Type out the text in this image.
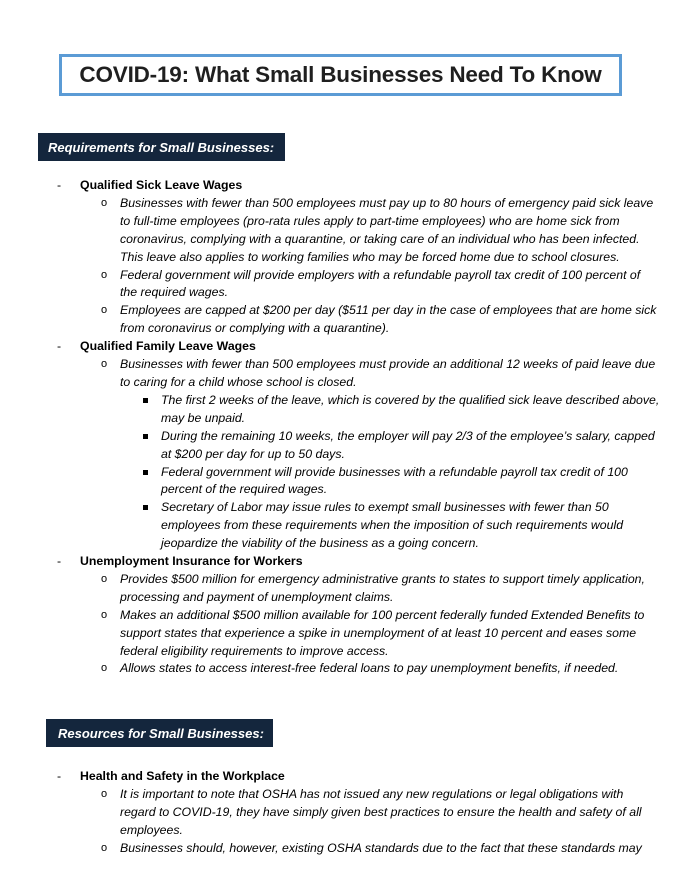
COVID-19: What Small Businesses Need To Know
Requirements for Small Businesses:
- Qualified Sick Leave Wages
o Businesses with fewer than 500 employees must pay up to 80 hours of emergency paid sick leave to full-time employees (pro-rata rules apply to part-time employees) who are home sick from coronavirus, complying with a quarantine, or taking care of an individual who has been infected. This leave also applies to working families who may be forced home due to school closures.
o Federal government will provide employers with a refundable payroll tax credit of 100 percent of the required wages.
o Employees are capped at $200 per day ($511 per day in the case of employees that are home sick from coronavirus or complying with a quarantine).
- Qualified Family Leave Wages
o Businesses with fewer than 500 employees must provide an additional 12 weeks of paid leave due to caring for a child whose school is closed.
The first 2 weeks of the leave, which is covered by the qualified sick leave described above, may be unpaid.
During the remaining 10 weeks, the employer will pay 2/3 of the employee’s salary, capped at $200 per day for up to 50 days.
Federal government will provide businesses with a refundable payroll tax credit of 100 percent of the required wages.
Secretary of Labor may issue rules to exempt small businesses with fewer than 50 employees from these requirements when the imposition of such requirements would jeopardize the viability of the business as a going concern.
- Unemployment Insurance for Workers
o Provides $500 million for emergency administrative grants to states to support timely application, processing and payment of unemployment claims.
o Makes an additional $500 million available for 100 percent federally funded Extended Benefits to support states that experience a spike in unemployment of at least 10 percent and eases some federal eligibility requirements to improve access.
o Allows states to access interest-free federal loans to pay unemployment benefits, if needed.
Resources for Small Businesses:
- Health and Safety in the Workplace
o It is important to note that OSHA has not issued any new regulations or legal obligations with regard to COVID-19, they have simply given best practices to ensure the health and safety of all employees.
o Businesses should, however, existing OSHA standards due to the fact that these standards may
